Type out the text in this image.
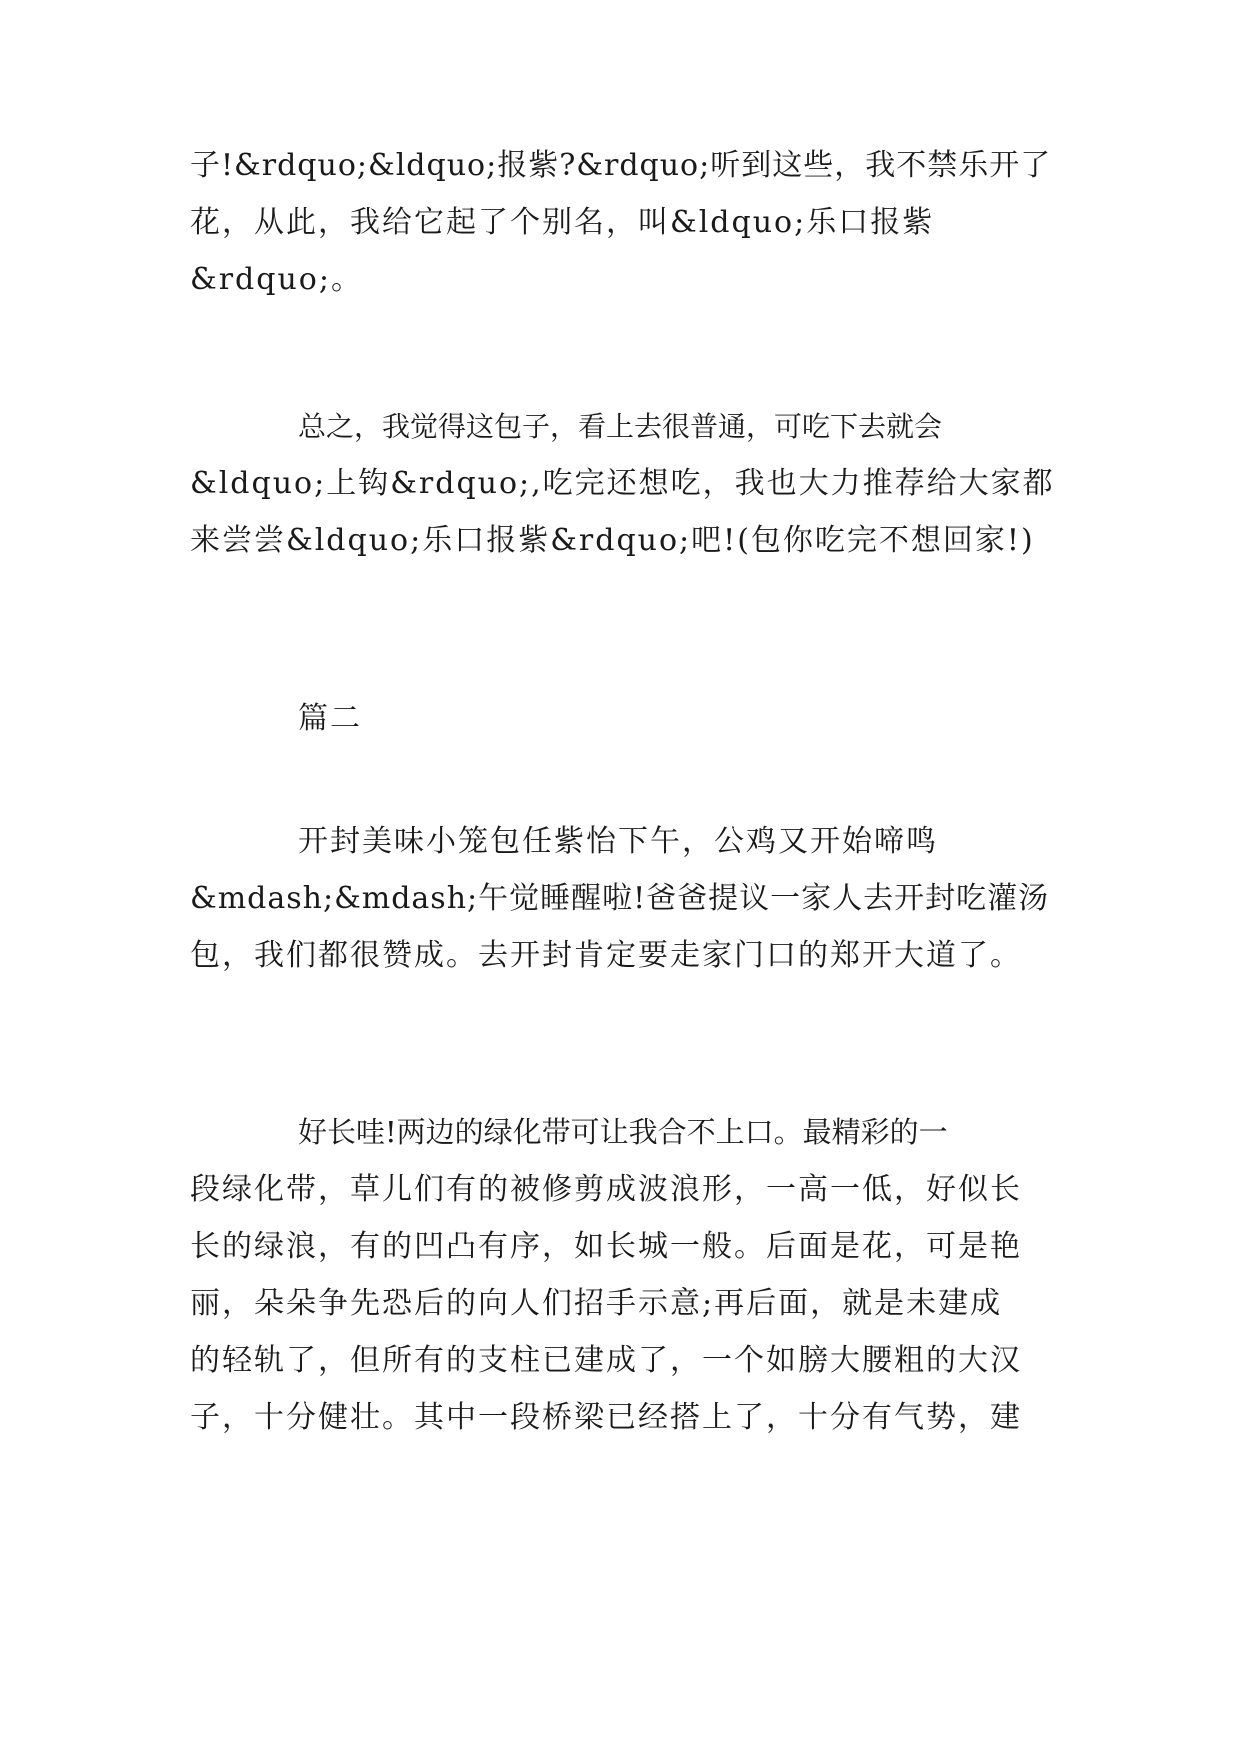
子!&rdquo;&ldquo;报紫?&rdquo;听到这些，我不禁乐开了
花，从此，我给它起了个别名，叫&ldquo;乐口报紫
&rdquo;。
总之，我觉得这包子，看上去很普通，可吃下去就会
&ldquo;上钩&rdquo;,吃完还想吃，我也大力推荐给大家都
来尝尝&ldquo;乐口报紫&rdquo;吧!(包你吃完不想回家!)
篇二
开封美味小笼包任紫怡下午，公鸡又开始啼鸣
&mdash;&mdash;午觉睡醒啦!爸爸提议一家人去开封吃灌汤
包，我们都很赞成。去开封肯定要走家门口的郑开大道了。
好长哇!两边的绿化带可让我合不上口。最精彩的一
段绿化带，草儿们有的被修剪成波浪形，一高一低，好似长
长的绿浪，有的凹凸有序，如长城一般。后面是花，可是艳
丽，朵朵争先恐后的向人们招手示意;再后面，就是未建成
的轻轨了，但所有的支柱已建成了，一个如膀大腰粗的大汉
子，十分健壮。其中一段桥梁已经搭上了，十分有气势，建
